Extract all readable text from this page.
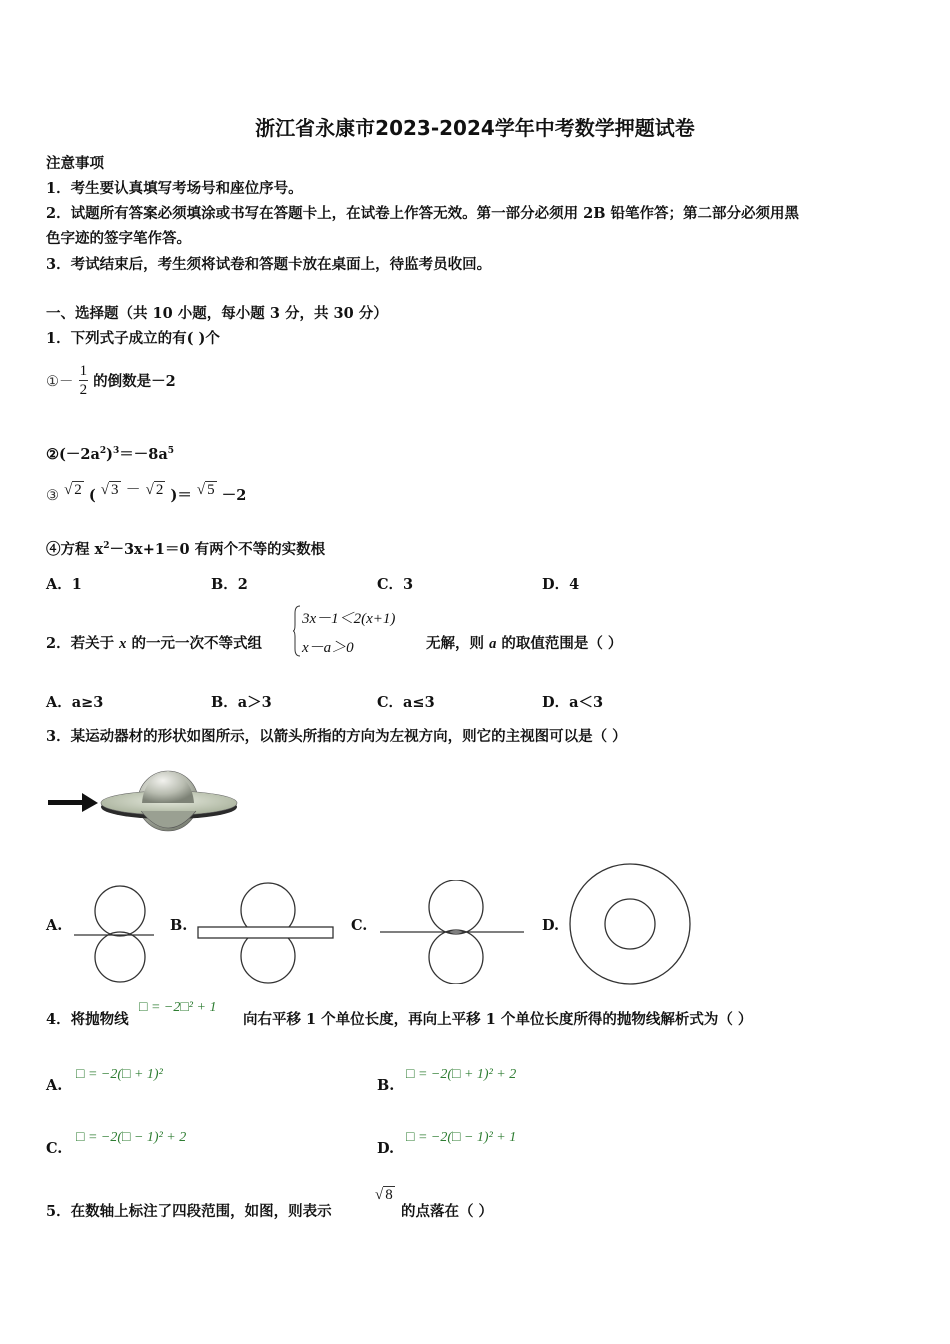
浙江省永康市2023-2024学年中考数学押题试卷
注意事项
1．考生要认真填写考场号和座位序号。
2．试题所有答案必须填涂或书写在答题卡上，在试卷上作答无效。第一部分必须用 2B 铅笔作答；第二部分必须用黑
色字迹的签字笔作答。
3．考试结束后，考生须将试卷和答题卡放在桌面上，待监考员收回。
一、选择题（共 10 小题，每小题 3 分，共 30 分）
1．下列式子成立的有( )个
①－ $\frac{1}{2}$ 的倒数是－2
$②(-2a^2)^3=-8a^5$
③ √ 2 ( √ 3 － √ 2 )＝ √ 5 －2
④方程 $x^2-3x+1=0$ 有两个不等的实数根
A．1	B．2	C．3	D．4
2．若关于 x 的一元一次不等式组
3x－1＜2(x+1)
x－a＞0	无解，则 a 的取值范围是（ ）
A．a≥3	B．a＞3	C．a≤3	D．a＜3
3．某运动器材的形状如图所示，以箭头所指的方向为左视方向，则它的主视图可以是（ ）
A.	B.	C.	D.
4．将抛物线
□ = −2□² + 1
向右平移 1 个单位长度，再向上平移 1 个单位长度所得的抛物线解析式为（ ）
A.
□ = −2(□ + 1)²
B.
□ = −2(□ + 1)² + 2
C.
□ = −2(□ − 1)² + 2
D.
□ = −2(□ − 1)² + 1
5．在数轴上标注了四段范围，如图，则表示
√ 8
的点落在（ ）
